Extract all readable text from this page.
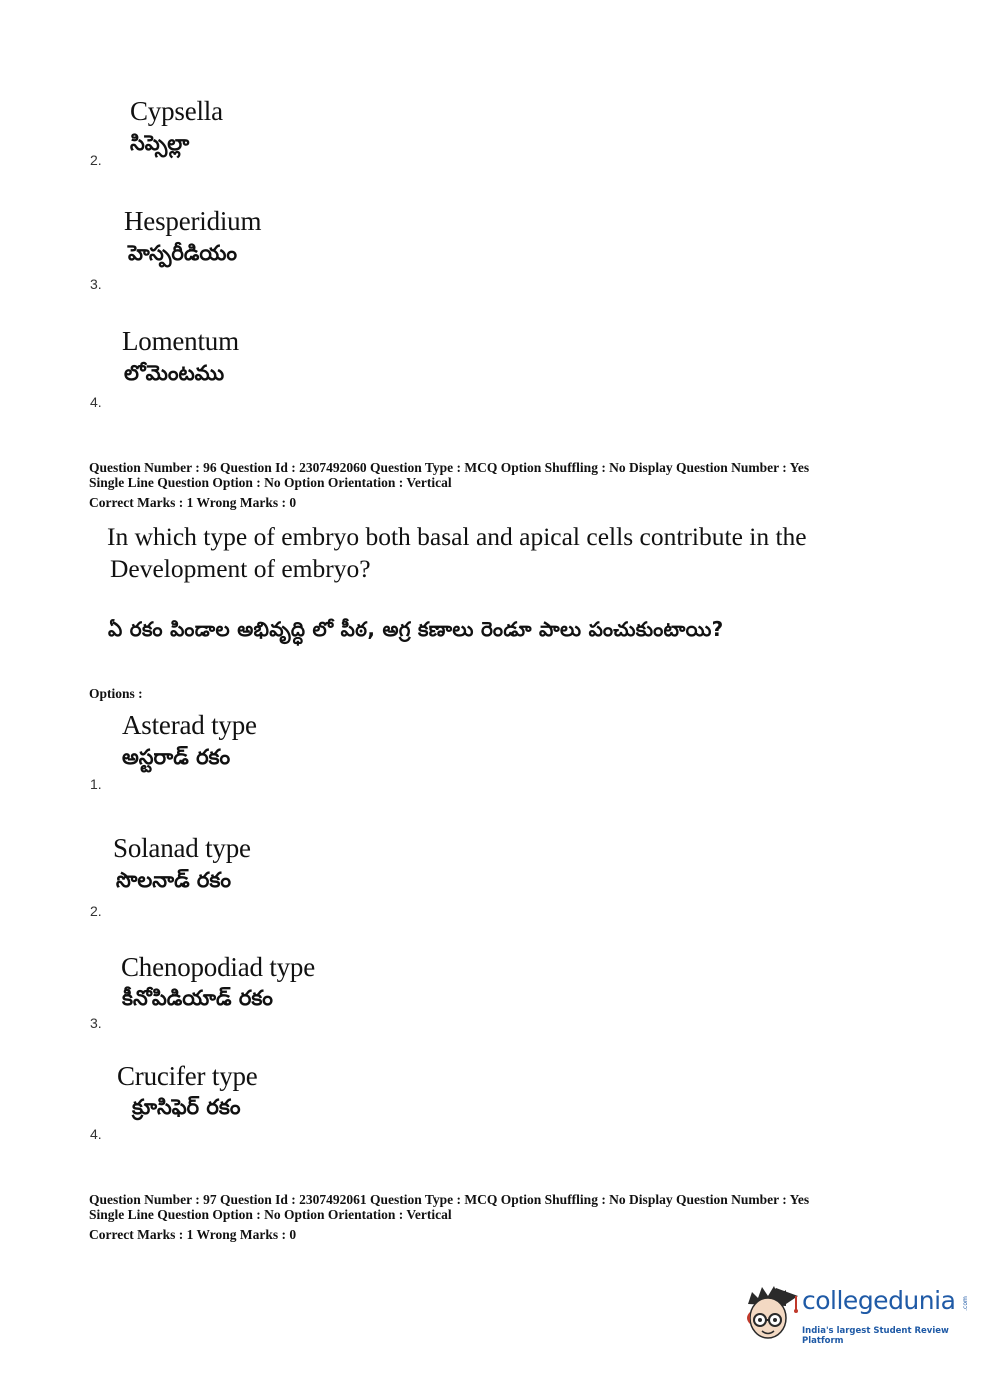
Cypsella
సిప్సెల్లా
2.
Hesperidium
హెస్పరీడియం
3.
Lomentum
లోమెంటము
4.
Question Number : 96 Question Id : 2307492060 Question Type : MCQ Option Shuffling : No Display Question Number : Yes
Single Line Question Option : No Option Orientation : Vertical
Correct Marks : 1 Wrong Marks : 0
In which type of embryo both basal and apical cells contribute in the
Development of embryo?
ఏ రకం పిండాల అభివృద్ధి లో పీఠ, అగ్ర కణాలు రెండూ పాలు పంచుకుంటాయి?
Options :
Asterad type
అస్టరాడ్ రకం
1.
Solanad type
సొలనాడ్ రకం
2.
Chenopodiad type
కీనోపిడియాడ్ రకం
3.
Crucifer type
క్రూసిఫెర్ రకం
4.
Question Number : 97 Question Id : 2307492061 Question Type : MCQ Option Shuffling : No Display Question Number : Yes
Single Line Question Option : No Option Orientation : Vertical
Correct Marks : 1 Wrong Marks : 0
collegedunia .com
India's largest Student Review Platform
